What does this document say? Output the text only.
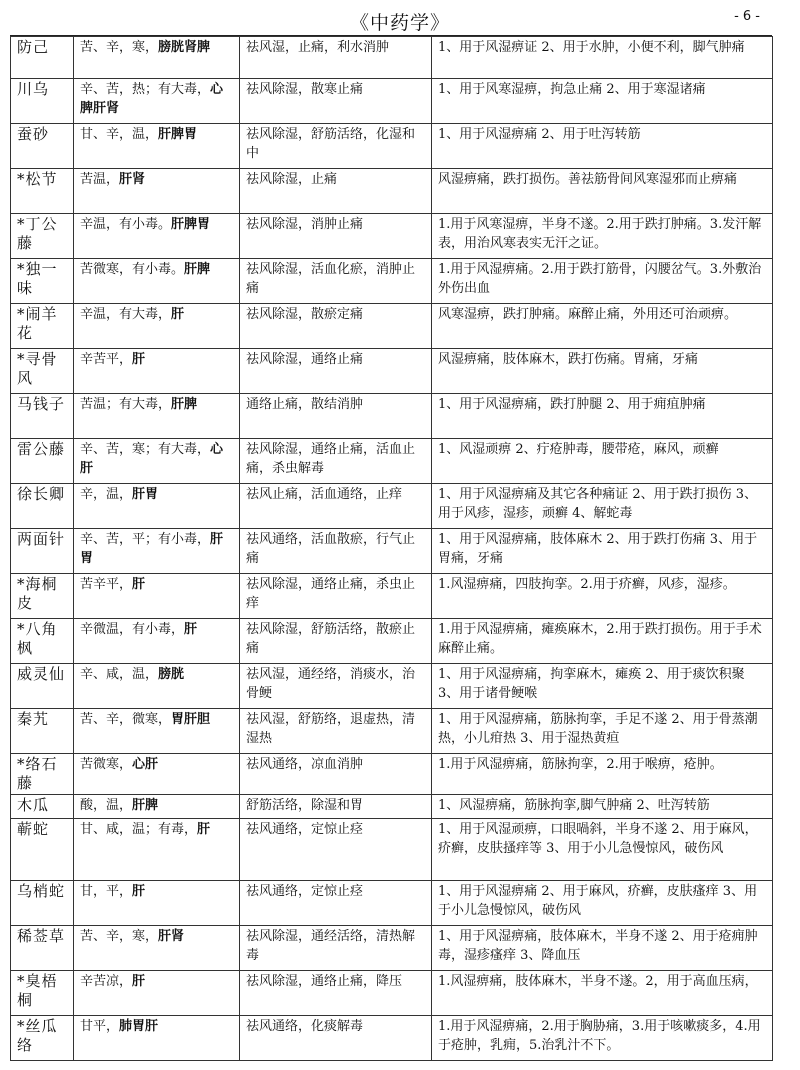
《中药学》	- 6 -
防己	苦、辛，寒，膀胱肾脾	祛风湿，止痛，利水消肿	1、用于风湿痹证 2、用于水肿，小便不利，脚气肿痛
川乌	辛、苦，热；有大毒，心脾肝肾	祛风除湿，散寒止痛	1、用于风寒湿痹，拘急止痛 2、用于寒湿诸痛
蚕砂	甘、辛，温，肝脾胃	祛风除湿，舒筋活络，化湿和中	1、用于风湿痹痛 2、用于吐泻转筋
*松节	苦温，肝肾	祛风除湿，止痛	风湿痹痛，跌打损伤。善祛筋骨间风寒湿邪而止痹痛
*丁公藤	辛温，有小毒。肝脾胃	祛风除湿，消肿止痛	1.用于风寒湿痹，半身不遂。2.用于跌打肿痛。3.发汗解表，用治风寒表实无汗之证。
*独一味	苦微寒，有小毒。肝脾	祛风除湿，活血化瘀，消肿止痛	1.用于风湿痹痛。2.用于跌打筋骨，闪腰岔气。3.外敷治外伤出血
*闹羊花	辛温，有大毒，肝	祛风除湿，散瘀定痛	风寒湿痹，跌打肿痛。麻醉止痛，外用还可治顽痹。
*寻骨风	辛苦平，肝	祛风除湿，通络止痛	风湿痹痛，肢体麻木，跌打伤痛。胃痛，牙痛
马钱子	苦温；有大毒，肝脾	通络止痛，散结消肿	1、用于风湿痹痛，跌打肿腿 2、用于痈疽肿痛
雷公藤	辛、苦，寒；有大毒，心肝	祛风除湿，通络止痛，活血止痛，杀虫解毒	1、风湿顽痹 2、疔疮肿毒，腰带疮，麻风，顽癣
徐长卿	辛，温，肝胃	祛风止痛，活血通络，止痒	1、用于风湿痹痛及其它各种痛证 2、用于跌打损伤 3、用于风疹，湿疹，顽癣 4、解蛇毒
两面针	辛、苦，平；有小毒，肝胃	祛风通络，活血散瘀，行气止痛	1、用于风湿痹痛，肢体麻木 2、用于跌打伤痛 3、用于胃痛，牙痛
*海桐皮	苦辛平，肝	祛风除湿，通络止痛，杀虫止痒	1.风湿痹痛，四肢拘挛。2.用于疥癣，风疹，湿疹。
*八角枫	辛微温，有小毒，肝	祛风除湿，舒筋活络，散瘀止痛	1.用于风湿痹痛，瘫痪麻木，2.用于跌打损伤。用于手术麻醉止痛。
威灵仙	辛、咸，温，膀胱	祛风湿，通经络，消痰水，治骨鲠	1、用于风湿痹痛，拘挛麻木，瘫痪 2、用于痰饮积聚 3、用于诸骨鲠喉
秦艽	苦、辛，微寒，胃肝胆	祛风湿，舒筋络，退虚热，清湿热	1、用于风湿痹痛，筋脉拘挛，手足不遂 2、用于骨蒸潮热，小儿疳热 3、用于湿热黄疸
*络石藤	苦微寒，心肝	祛风通络，凉血消肿	1.用于风湿痹痛，筋脉拘挛，2.用于喉痹，疮肿。
木瓜	酸，温，肝脾	舒筋活络，除湿和胃	1、风湿痹痛，筋脉拘挛,脚气肿痛 2、吐泻转筋
蕲蛇	甘、咸，温；有毒，肝	祛风通络，定惊止痉	1、用于风湿顽痹，口眼喎斜，半身不遂 2、用于麻风，疥癣，皮肤搔痒等 3、用于小儿急慢惊风，破伤风
乌梢蛇	甘，平，肝	祛风通络，定惊止痉	1、用于风湿痹痛 2、用于麻风，疥癣，皮肤瘙痒 3、用于小儿急慢惊风，破伤风
稀莶草	苦、辛，寒，肝肾	祛风除湿，通经活络，清热解毒	1、用于风湿痹痛，肢体麻木，半身不遂 2、用于疮痈肿毒，湿疹瘙痒 3、降血压
*臭梧桐	辛苦凉，肝	祛风除湿，通络止痛，降压	1.风湿痹痛，肢体麻木，半身不遂。2，用于高血压病，
*丝瓜络	甘平，肺胃肝	祛风通络，化痰解毒	1.用于风湿痹痛，2.用于胸胁痛，3.用于咳嗽痰多，4.用于疮肿，乳痈，5.治乳汁不下。
